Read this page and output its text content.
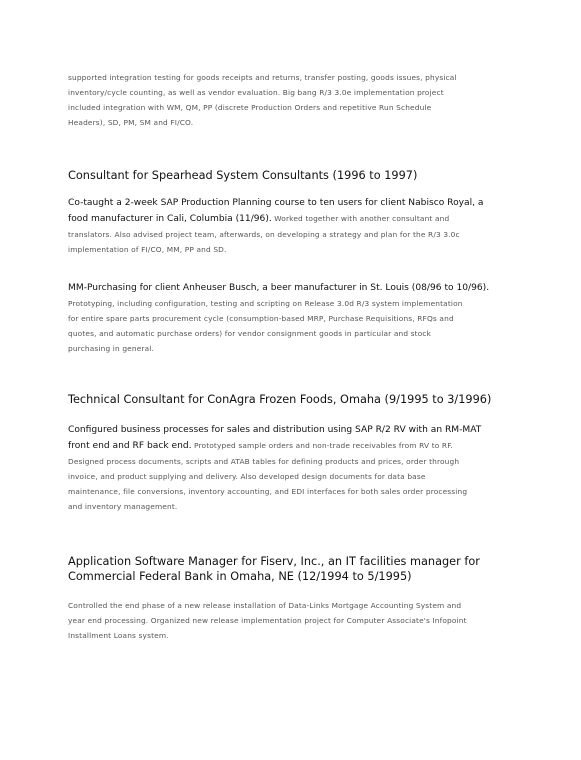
supported integration testing for goods receipts and returns, transfer posting, goods issues, physical

inventory/cycle counting, as well as vendor evaluation. Big bang R/3 3.0e implementation project

included integration with WM, QM, PP (discrete Production Orders and repetitive Run Schedule

Headers), SD, PM, SM and FI/CO.

Consultant for Spearhead System Consultants (1996 to 1997)
Co-taught a 2-week SAP Production Planning course to ten users for client Nabisco Royal, a
food manufacturer in Cali, Columbia (11/96). Worked together with another consultant and

translators. Also advised project team, afterwards, on developing a strategy and plan for the R/3 3.0c

implementation of FI/CO, MM, PP and SD.

MM-Purchasing for client Anheuser Busch, a beer manufacturer in St. Louis (08/96 to 10/96).

Prototyping, including configuration, testing and scripting on Release 3.0d R/3 system implementation

for entire spare parts procurement cycle (consumption-based MRP, Purchase Requisitions, RFQs and

quotes, and automatic purchase orders) for vendor consignment goods in particular and stock

purchasing in general.

Technical Consultant for ConAgra Frozen Foods, Omaha (9/1995 to 3/1996)
Configured business processes for sales and distribution using SAP R/2 RV with an RM-MAT
front end and RF back end. Prototyped sample orders and non-trade receivables from RV to RF.

Designed process documents, scripts and ATAB tables for defining products and prices, order through

invoice, and product supplying and delivery. Also developed design documents for data base

maintenance, file conversions, inventory accounting, and EDI interfaces for both sales order processing

and inventory management.

Application Software Manager for Fiserv, Inc., an IT facilities manager for
Commercial Federal Bank in Omaha, NE (12/1994 to 5/1995)

Controlled the end phase of a new release installation of Data-Links Mortgage Accounting System and

year end processing. Organized new release implementation project for Computer Associate's Infopoint

Installment Loans system.
